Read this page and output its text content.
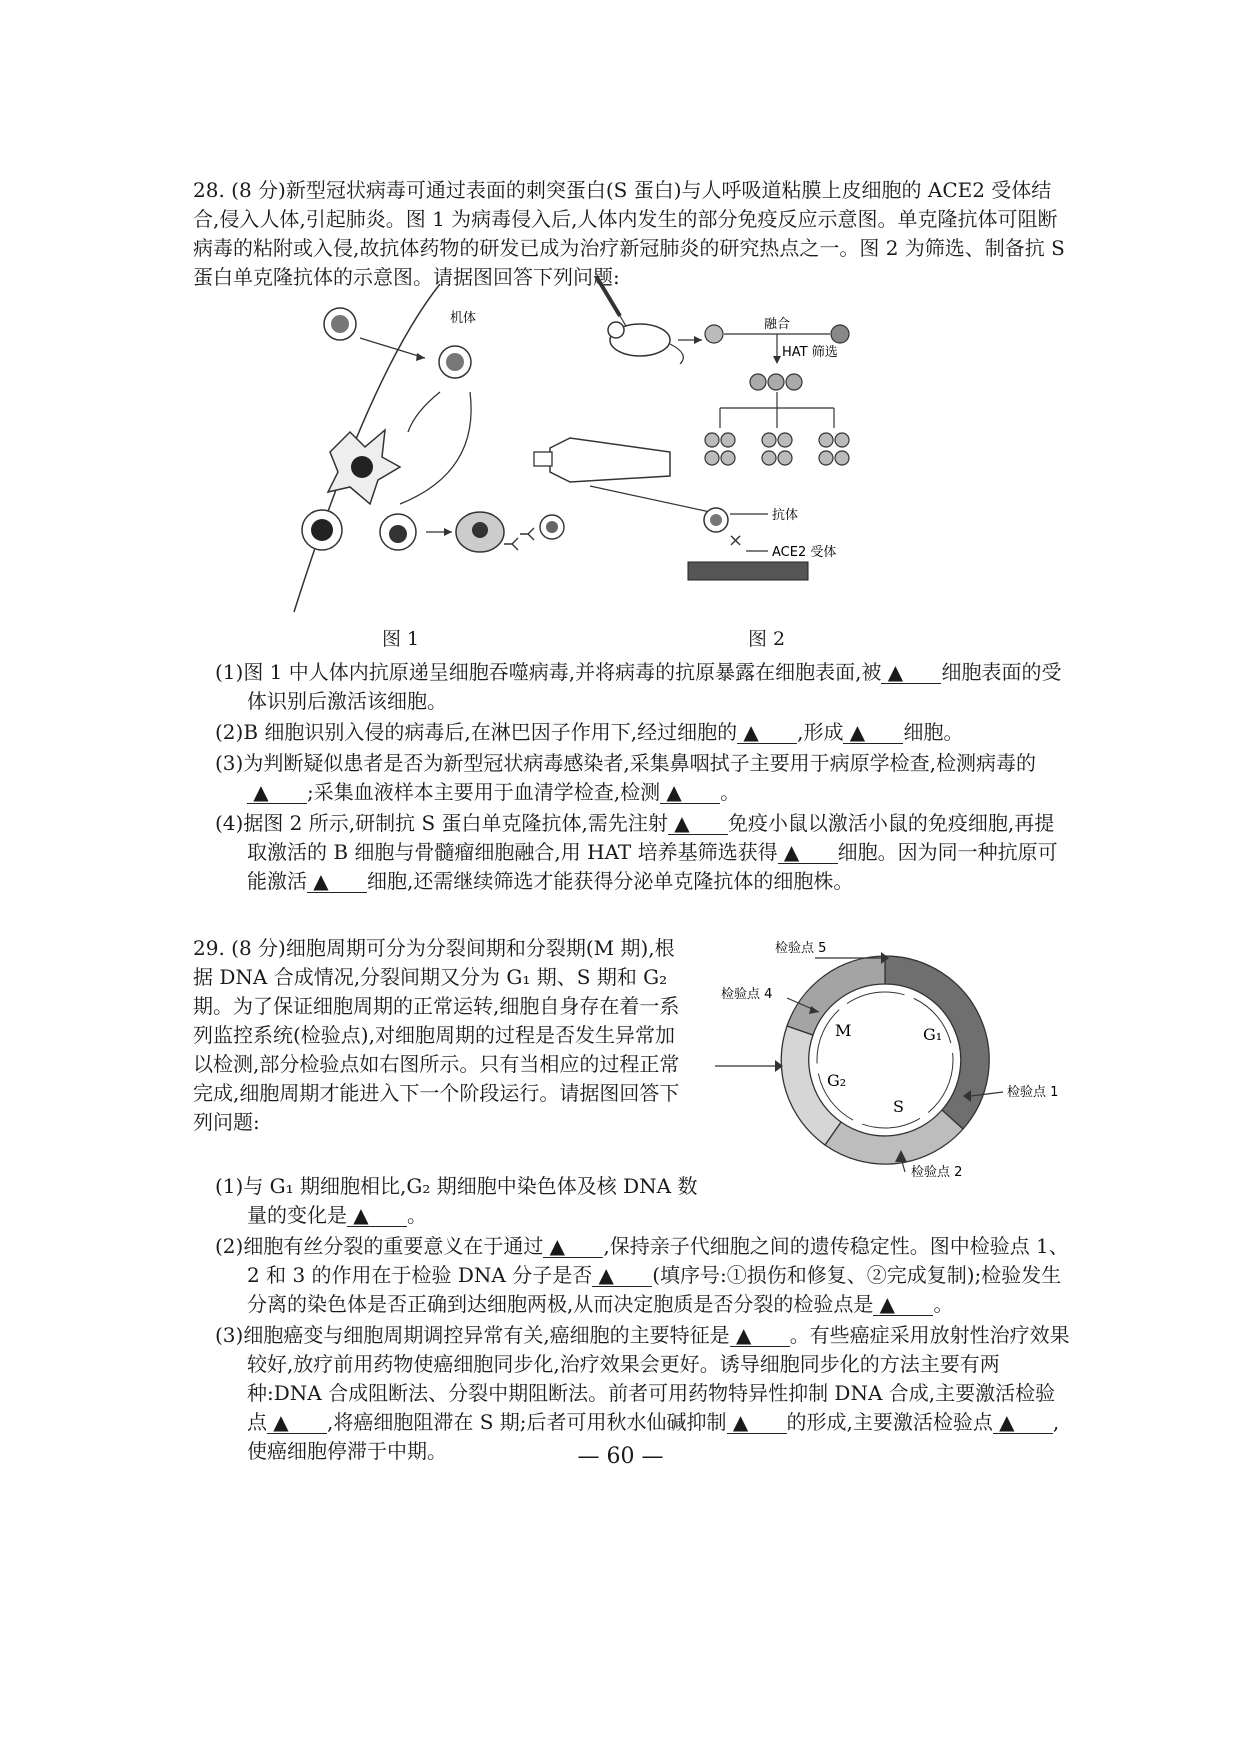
28. (8 分)新型冠状病毒可通过表面的刺突蛋白(S 蛋白)与人呼吸道粘膜上皮细胞的 ACE2 受体结合,侵入人体,引起肺炎。图 1 为病毒侵入后,人体内发生的部分免疫反应示意图。单克隆抗体可阻断病毒的粘附或入侵,故抗体药物的研发已成为治疗新冠肺炎的研究热点之一。图 2 为筛选、制备抗 S 蛋白单克隆抗体的示意图。请据图回答下列问题:
机体
图 1
融合
HAT 筛选
抗体
×
ACE2 受体
图 2
(1)图 1 中人体内抗原递呈细胞吞噬病毒,并将病毒的抗原暴露在细胞表面,被 ▲ 细胞表面的受体识别后激活该细胞。
(2)B 细胞识别入侵的病毒后,在淋巴因子作用下,经过细胞的 ▲ ,形成 ▲ 细胞。
(3)为判断疑似患者是否为新型冠状病毒感染者,采集鼻咽拭子主要用于病原学检查,检测病毒的▲ ;采集血液样本主要用于血清学检查,检测 ▲ 。
(4)据图 2 所示,研制抗 S 蛋白单克隆抗体,需先注射 ▲ 免疫小鼠以激活小鼠的免疫细胞,再提取激活的 B 细胞与骨髓瘤细胞融合,用 HAT 培养基筛选获得 ▲ 细胞。因为同一种抗原可能激活 ▲ 细胞,还需继续筛选才能获得分泌单克隆抗体的细胞株。
29. (8 分)细胞周期可分为分裂间期和分裂期(M 期),根据 DNA 合成情况,分裂间期又分为 G₁ 期、S 期和 G₂ 期。为了保证细胞周期的正常运转,细胞自身存在着一系列监控系统(检验点),对细胞周期的过程是否发生异常加以检测,部分检验点如右图所示。只有当相应的过程正常完成,细胞周期才能进入下一个阶段运行。请据图回答下列问题:
M	G₁
G₂
S
检验点 5
检验点 4
检验点 1
检验点 2
(1)与 G₁ 期细胞相比,G₂ 期细胞中染色体及核 DNA 数量的变化是 ▲ 。
(2)细胞有丝分裂的重要意义在于通过 ▲ ,保持亲子代细胞之间的遗传稳定性。图中检验点 1、2 和 3 的作用在于检验 DNA 分子是否 ▲ (填序号:①损伤和修复、②完成复制);检验发生分离的染色体是否正确到达细胞两极,从而决定胞质是否分裂的检验点是 ▲ 。
(3)细胞癌变与细胞周期调控异常有关,癌细胞的主要特征是 ▲ 。有些癌症采用放射性治疗效果较好,放疗前用药物使癌细胞同步化,治疗效果会更好。诱导细胞同步化的方法主要有两种:DNA 合成阻断法、分裂中期阻断法。前者可用药物特异性抑制 DNA 合成,主要激活检验点 ▲ ,将癌细胞阻滞在 S 期;后者可用秋水仙碱抑制 ▲ 的形成,主要激活检验点 ▲ ,使癌细胞停滞于中期。	— 60 —
